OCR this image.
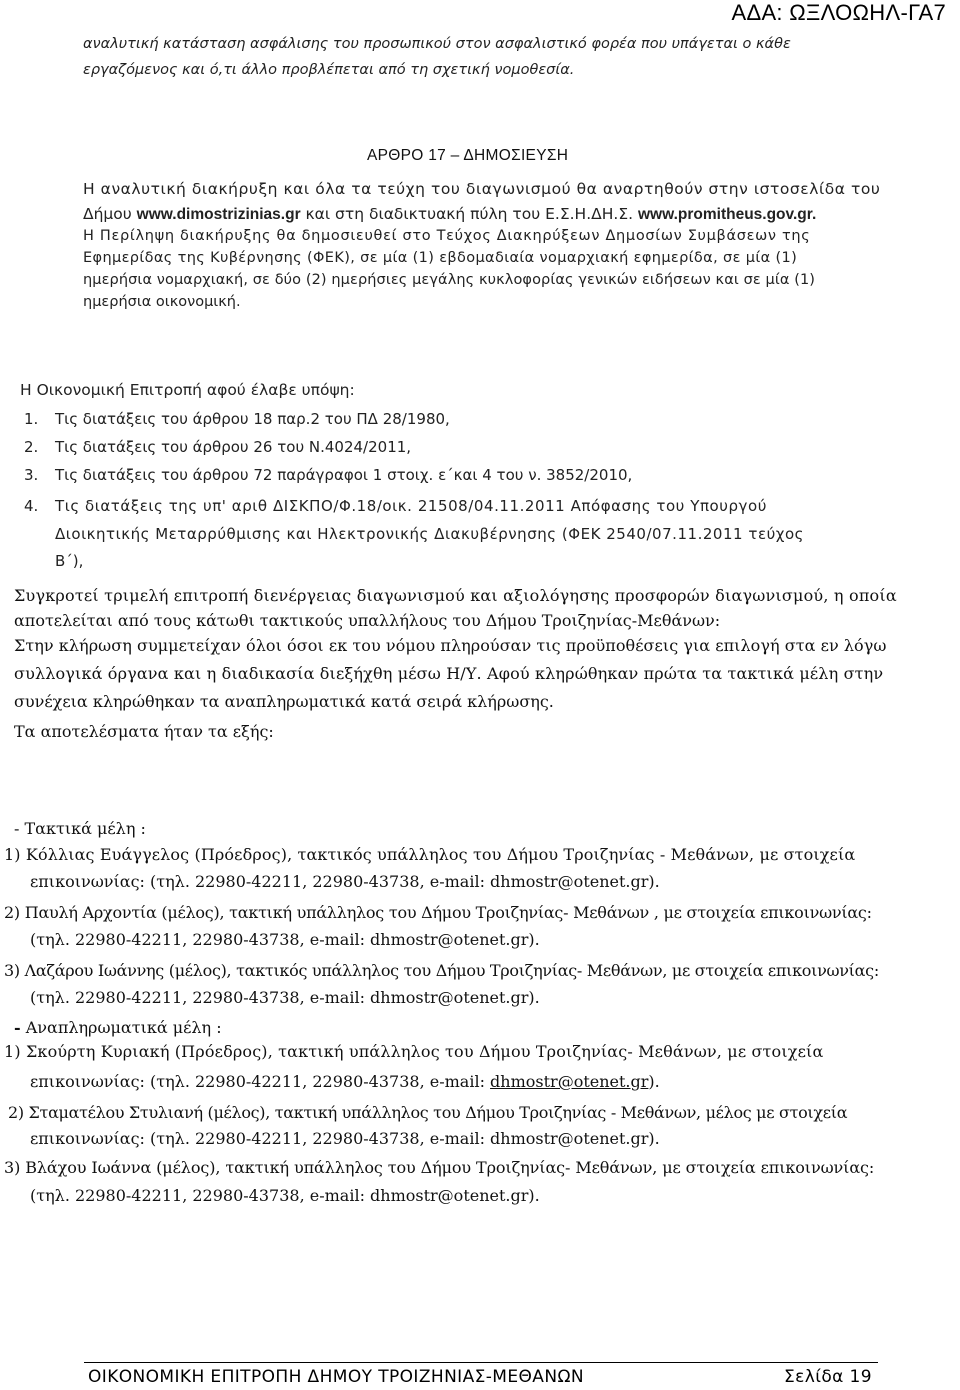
ΑΔΑ: ΩΞΛΟΩΗΛ-ΓΑ7
αναλυτική κατάσταση ασφάλισης του προσωπικού στον ασφαλιστικό φορέα που υπάγεται ο κάθε
εργαζόμενος και ό,τι άλλο προβλέπεται από τη σχετική νομοθεσία.
ΑΡΘΡΟ 17 – ΔΗΜΟΣΙΕΥΣΗ
Η αναλυτική διακήρυξη και όλα τα τεύχη του διαγωνισμού θα αναρτηθούν στην ιστοσελίδα του
Δήμου www.dimostrizinias.gr και στη διαδικτυακή πύλη του Ε.Σ.Η.ΔΗ.Σ. www.promitheus.gov.gr.
Η Περίληψη διακήρυξης θα δημοσιευθεί στο Τεύχος Διακηρύξεων Δημοσίων Συμβάσεων της
Εφημερίδας της Κυβέρνησης (ΦΕΚ), σε μία (1) εβδομαδιαία νομαρχιακή εφημερίδα, σε μία (1)
ημερήσια νομαρχιακή, σε δύο (2) ημερήσιες μεγάλης κυκλοφορίας γενικών ειδήσεων και σε μία (1)
ημερήσια οικονομική.
Η Οικονομική Επιτροπή αφού έλαβε υπόψη:
1. Τις διατάξεις του άρθρου 18 παρ.2 του ΠΔ 28/1980,
2. Τις διατάξεις του άρθρου 26 του Ν.4024/2011,
3. Τις διατάξεις του άρθρου 72 παράγραφοι 1 στοιχ. ε΄και 4 του ν. 3852/2010,
4. Τις διατάξεις της υπ' αριθ ΔΙΣΚΠΟ/Φ.18/οικ. 21508/04.11.2011 Απόφασης του Υπουργού
Διοικητικής Μεταρρύθμισης και Ηλεκτρονικής Διακυβέρνησης (ΦΕΚ 2540/07.11.2011 τεύχος
Β΄),
Συγκροτεί τριμελή επιτροπή διενέργειας διαγωνισμού και αξιολόγησης προσφορών διαγωνισμού, η οποία
αποτελείται από τους κάτωθι τακτικούς υπαλλήλους του Δήμου Τροιζηνίας-Μεθάνων:
Στην κλήρωση συμμετείχαν όλοι όσοι εκ του νόμου πληρούσαν τις προϋποθέσεις για επιλογή στα εν λόγω
συλλογικά όργανα και η διαδικασία διεξήχθη μέσω Η/Υ. Αφού κληρώθηκαν πρώτα τα τακτικά μέλη στην
συνέχεια κληρώθηκαν τα αναπληρωματικά κατά σειρά κλήρωσης.
Τα αποτελέσματα ήταν τα εξής:
- Τακτικά μέλη :
1) Κόλλιας Ευάγγελος (Πρόεδρος), τακτικός υπάλληλος του Δήμου Τροιζηνίας - Μεθάνων, με στοιχεία
επικοινωνίας: (τηλ. 22980-42211, 22980-43738, e-mail: dhmostr@otenet.gr).
2) Παυλή Αρχοντία (μέλος), τακτική υπάλληλος του Δήμου Τροιζηνίας- Μεθάνων , με στοιχεία επικοινωνίας:
(τηλ. 22980-42211, 22980-43738, e-mail: dhmostr@otenet.gr).
3) Λαζάρου Ιωάννης (μέλος), τακτικός υπάλληλος του Δήμου Τροιζηνίας- Μεθάνων, με στοιχεία επικοινωνίας:
(τηλ. 22980-42211, 22980-43738, e-mail: dhmostr@otenet.gr).
- Αναπληρωματικά μέλη :
1) Σκούρτη Κυριακή (Πρόεδρος), τακτική υπάλληλος του Δήμου Τροιζηνίας- Μεθάνων, με στοιχεία
επικοινωνίας: (τηλ. 22980-42211, 22980-43738, e-mail: dhmostr@otenet.gr).
2) Σταματέλου Στυλιανή (μέλος), τακτική υπάλληλος του Δήμου Τροιζηνίας - Μεθάνων, μέλος με στοιχεία
επικοινωνίας: (τηλ. 22980-42211, 22980-43738, e-mail: dhmostr@otenet.gr).
3) Βλάχου Ιωάννα (μέλος), τακτική υπάλληλος του Δήμου Τροιζηνίας- Μεθάνων, με στοιχεία επικοινωνίας:
(τηλ. 22980-42211, 22980-43738, e-mail: dhmostr@otenet.gr).
ΟΙΚΟΝΟΜΙΚΗ ΕΠΙΤΡΟΠΗ ΔΗΜΟΥ ΤΡΟΙΖΗΝΙΑΣ-ΜΕΘΑΝΩΝ	Σελίδα 19
